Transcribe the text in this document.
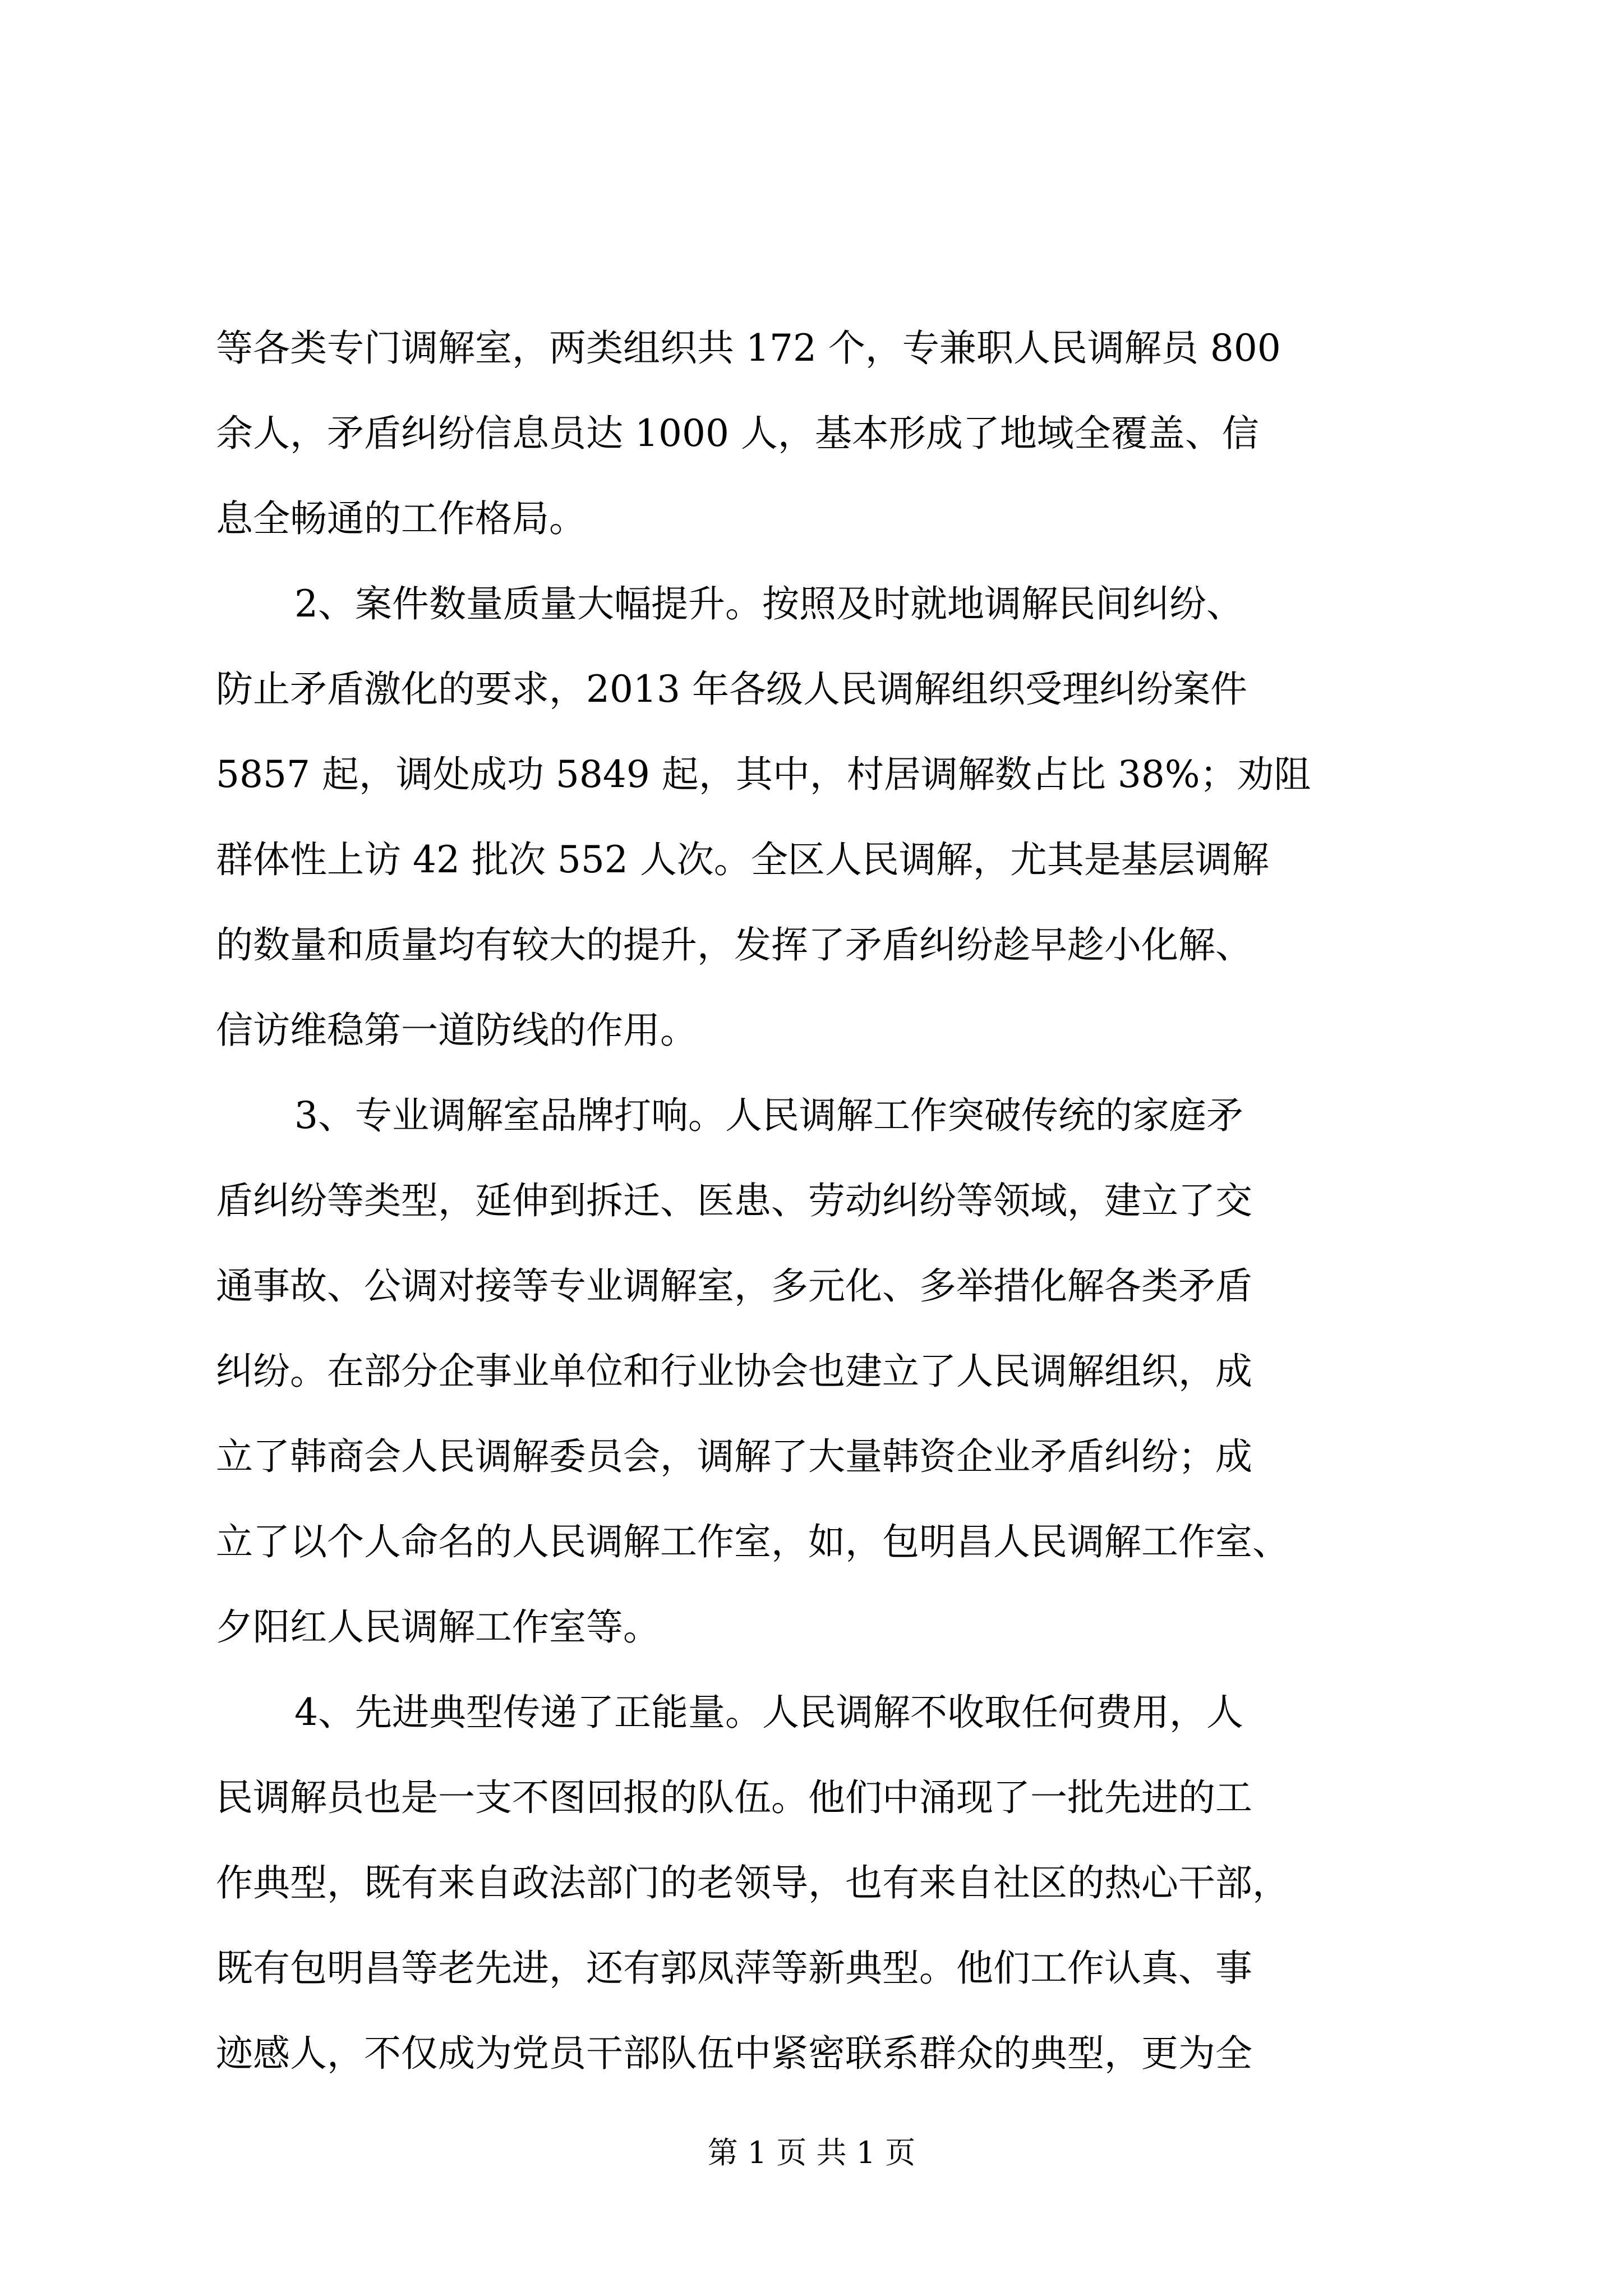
等各类专门调解室，两类组织共 172 个，专兼职人民调解员 800
余人，矛盾纠纷信息员达 1000 人，基本形成了地域全覆盖、信
息全畅通的工作格局。
2、案件数量质量大幅提升。按照及时就地调解民间纠纷、
防止矛盾激化的要求，2013 年各级人民调解组织受理纠纷案件
5857 起，调处成功 5849 起，其中，村居调解数占比 38%；劝阻
群体性上访 42 批次 552 人次。全区人民调解，尤其是基层调解
的数量和质量均有较大的提升，发挥了矛盾纠纷趁早趁小化解、
信访维稳第一道防线的作用。
3、专业调解室品牌打响。人民调解工作突破传统的家庭矛
盾纠纷等类型，延伸到拆迁、医患、劳动纠纷等领域，建立了交
通事故、公调对接等专业调解室，多元化、多举措化解各类矛盾
纠纷。在部分企事业单位和行业协会也建立了人民调解组织，成
立了韩商会人民调解委员会，调解了大量韩资企业矛盾纠纷；成
立了以个人命名的人民调解工作室，如，包明昌人民调解工作室、
夕阳红人民调解工作室等。
4、先进典型传递了正能量。人民调解不收取任何费用，人
民调解员也是一支不图回报的队伍。他们中涌现了一批先进的工
作典型，既有来自政法部门的老领导，也有来自社区的热心干部，
既有包明昌等老先进，还有郭凤萍等新典型。他们工作认真、事
迹感人，不仅成为党员干部队伍中紧密联系群众的典型，更为全
第 1 页 共 1 页
